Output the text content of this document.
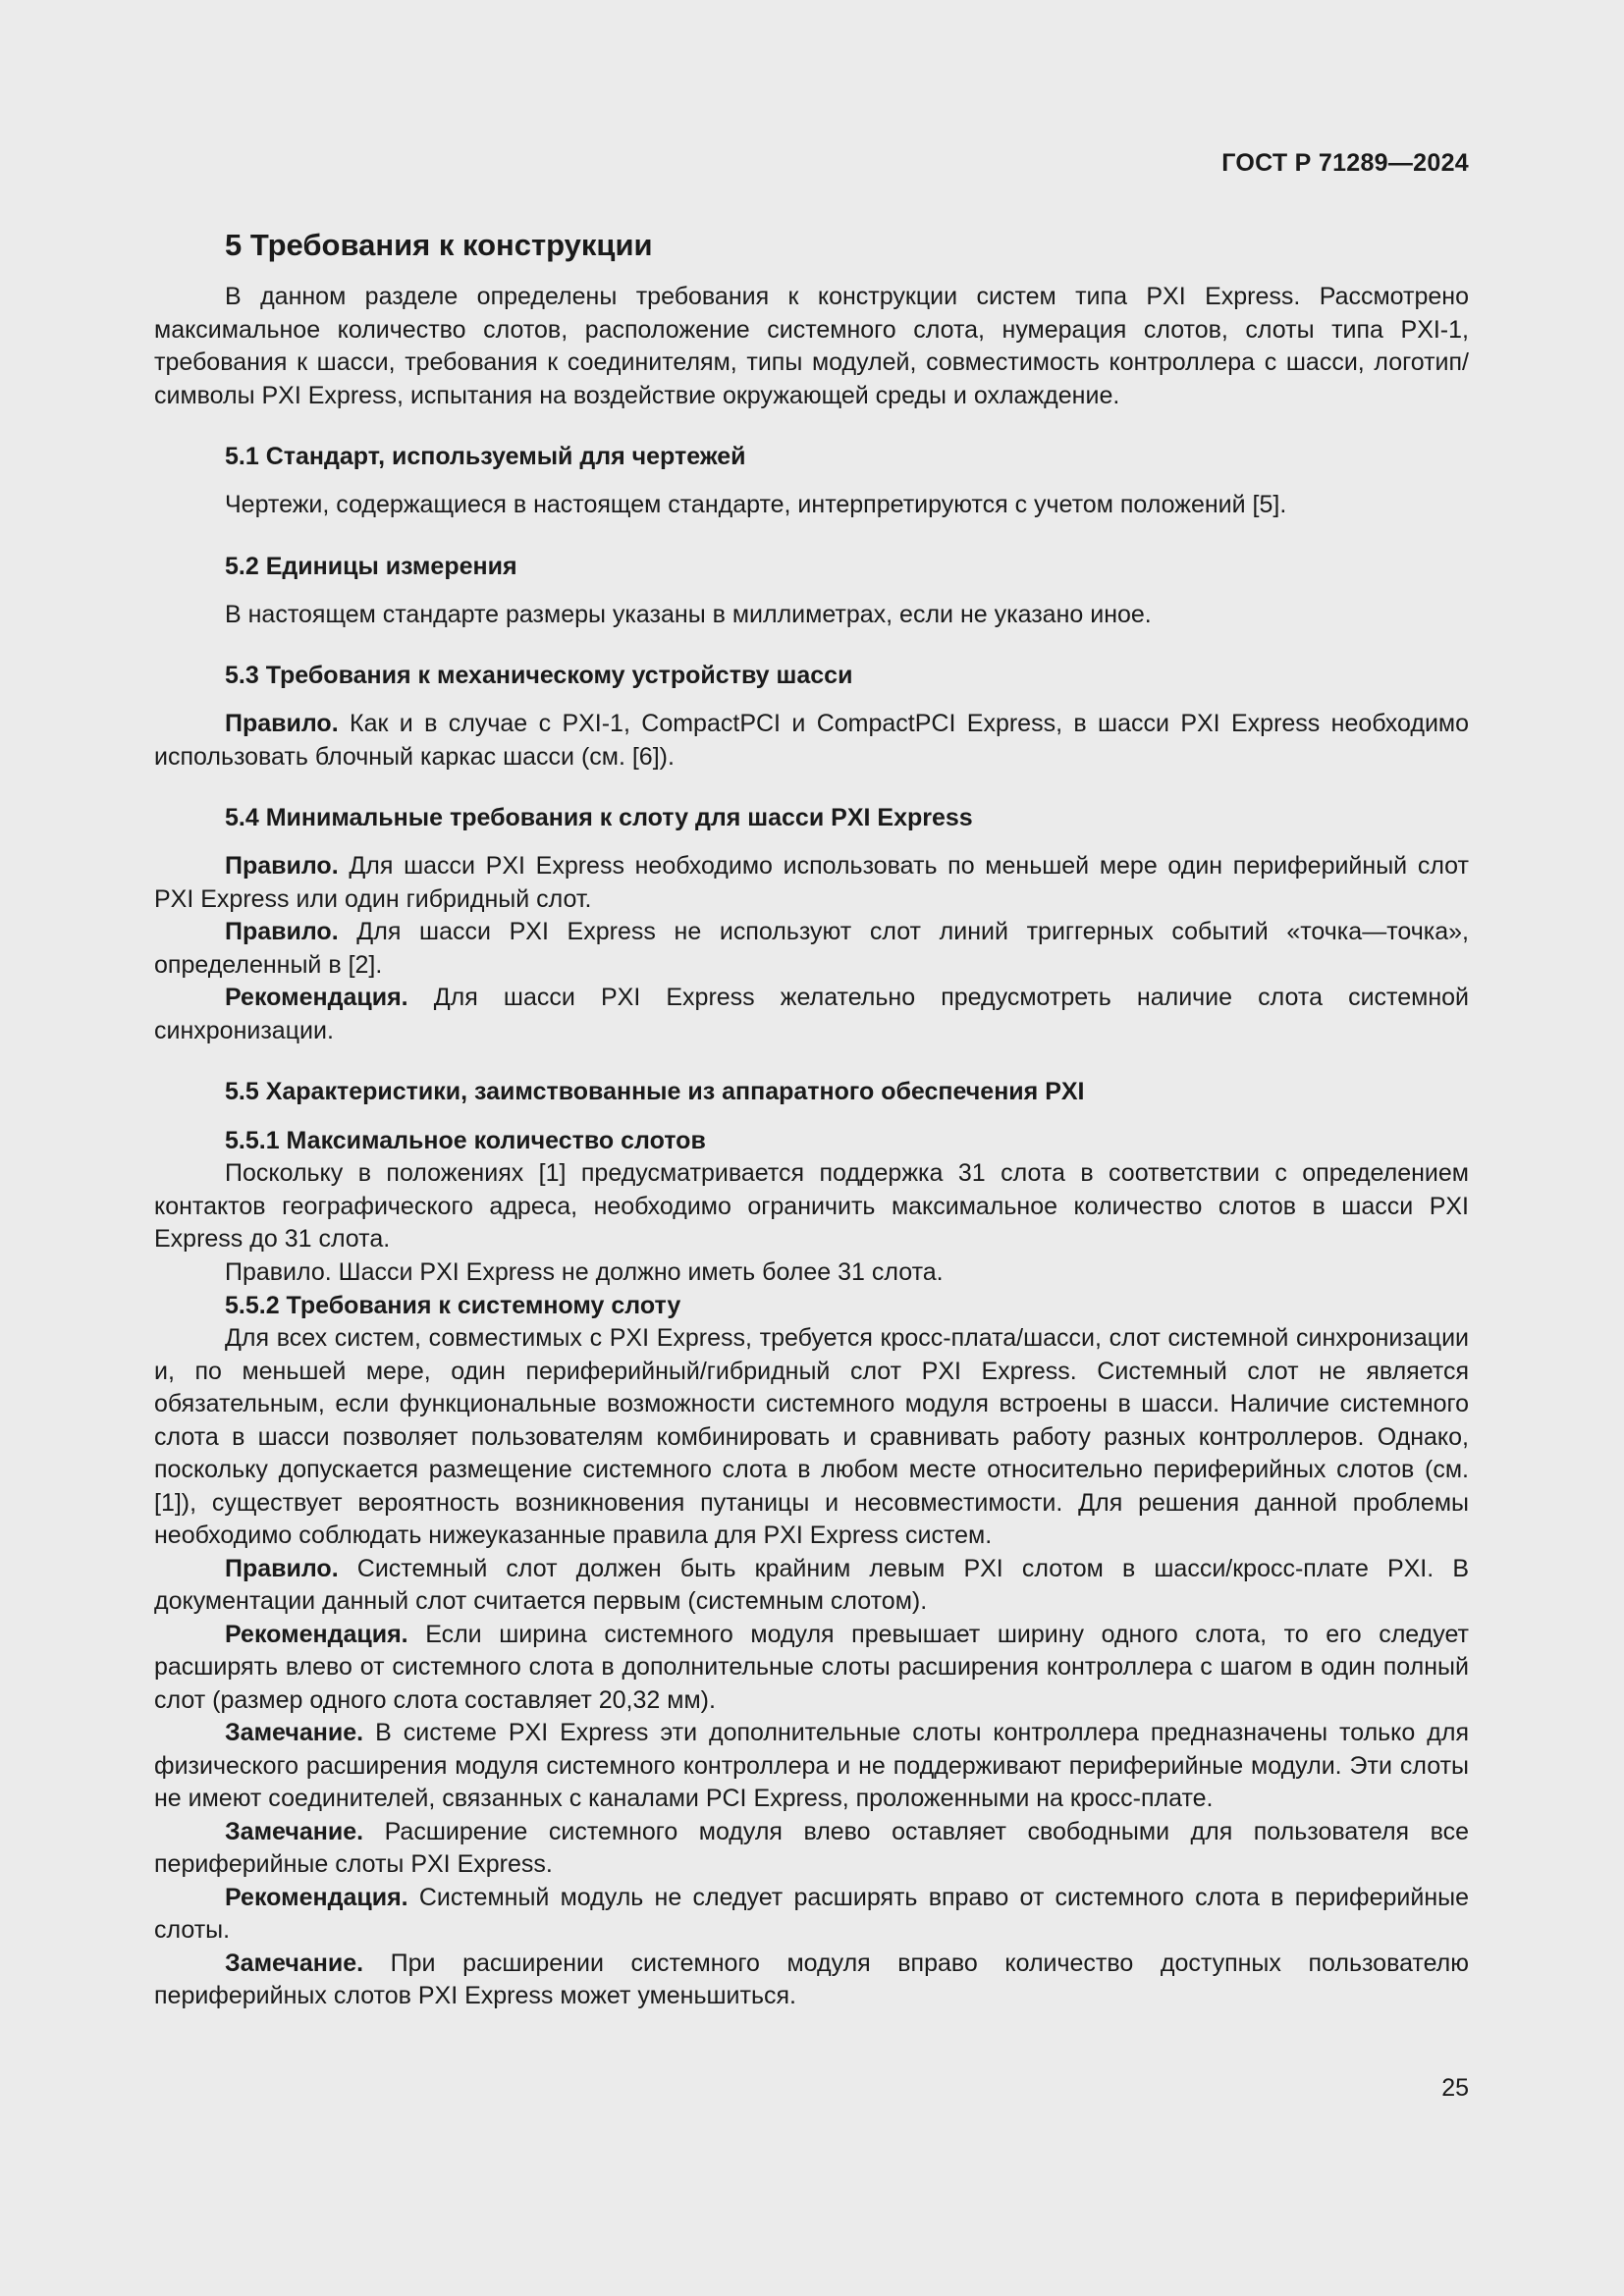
ГОСТ Р 71289—2024
5 Требования к конструкции

В данном разделе определены требования к конструкции систем типа PXI Express. Рассмотрено максимальное количество слотов, расположение системного слота, нумерация слотов, слоты типа PXI-1, требования к шасси, требования к соединителям, типы модулей, совместимость контроллера с шасси, логотип/символы PXI Express, испытания на воздействие окружающей среды и охлаждение.

5.1 Стандарт, используемый для чертежей

Чертежи, содержащиеся в настоящем стандарте, интерпретируются с учетом положений [5].

5.2 Единицы измерения

В настоящем стандарте размеры указаны в миллиметрах, если не указано иное.

5.3 Требования к механическому устройству шасси

Правило. Как и в случае с PXI-1, CompactPCI и CompactPCI Express, в шасси PXI Express необходимо использовать блочный каркас шасси (см. [6]).

5.4 Минимальные требования к слоту для шасси PXI Express

Правило. Для шасси PXI Express необходимо использовать по меньшей мере один периферийный слот PXI Express или один гибридный слот.

Правило. Для шасси PXI Express не используют слот линий триггерных событий «точка—точка», определенный в [2].

Рекомендация. Для шасси PXI Express желательно предусмотреть наличие слота системной синхронизации.

5.5 Характеристики, заимствованные из аппаратного обеспечения PXI
5.5.1 Максимальное количество слотов

Поскольку в положениях [1] предусматривается поддержка 31 слота в соответствии с определением контактов географического адреса, необходимо ограничить максимальное количество слотов в шасси PXI Express до 31 слота.

Правило. Шасси PXI Express не должно иметь более 31 слота.

5.5.2 Требования к системному слоту

Для всех систем, совместимых с PXI Express, требуется кросс-плата/шасси, слот системной синхронизации и, по меньшей мере, один периферийный/гибридный слот PXI Express. Системный слот не является обязательным, если функциональные возможности системного модуля встроены в шасси. Наличие системного слота в шасси позволяет пользователям комбинировать и сравнивать работу разных контроллеров. Однако, поскольку допускается размещение системного слота в любом месте относительно периферийных слотов (см. [1]), существует вероятность возникновения путаницы и несовместимости. Для решения данной проблемы необходимо соблюдать нижеуказанные правила для PXI Express систем.

Правило. Системный слот должен быть крайним левым PXI слотом в шасси/кросс-плате PXI. В документации данный слот считается первым (системным слотом).

Рекомендация. Если ширина системного модуля превышает ширину одного слота, то его следует расширять влево от системного слота в дополнительные слоты расширения контроллера с шагом в один полный слот (размер одного слота составляет 20,32 мм).

Замечание. В системе PXI Express эти дополнительные слоты контроллера предназначены только для физического расширения модуля системного контроллера и не поддерживают периферийные модули. Эти слоты не имеют соединителей, связанных с каналами PCI Express, проложенными на кросс-плате.

Замечание. Расширение системного модуля влево оставляет свободными для пользователя все периферийные слоты PXI Express.

Рекомендация. Системный модуль не следует расширять вправо от системного слота в периферийные слоты.

Замечание. При расширении системного модуля вправо количество доступных пользователю периферийных слотов PXI Express может уменьшиться.

25
